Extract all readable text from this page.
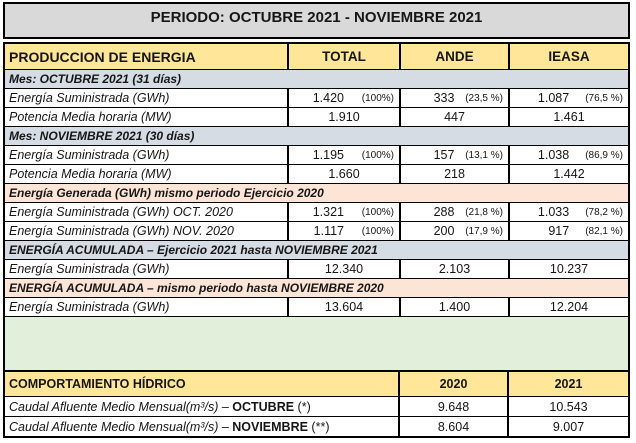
PERIODO: OCTUBRE 2021 - NOVIEMBRE 2021
PRODUCCION DE ENERGIA	TOTAL	ANDE	IEASA
Mes: OCTUBRE 2021 (31 días)
Energía Suministrada (GWh)	1.420	(100%)	333	(23,5 %)	1.087	(76,5 %)
Potencia Media horaria (MW)	1.910	447	1.461
Mes: NOVIEMBRE 2021 (30 días)
Energía Suministrada (GWh)	1.195	(100%)	157	(13,1 %)	1.038	(86,9 %)
Potencia Media horaria (MW)	1.660	218	1.442
Energía Generada (GWh) mismo periodo Ejercicio 2020
Energía Suministrada (GWh) OCT. 2020	1.321	(100%)	288	(21,8 %)	1.033	(78,2 %)
Energía Suministrada (GWh) NOV. 2020	1.117	(100%)	200	(17,9 %)	917	(82,1 %)
ENERGÍA ACUMULADA – Ejercicio 2021 hasta NOVIEMBRE 2021
Energía Suministrada (GWh)	12.340	2.103	10.237
ENERGÍA ACUMULADA – mismo periodo hasta NOVIEMBRE 2020
Energía Suministrada (GWh)	13.604	1.400	12.204
COMPORTAMIENTO HÍDRICO	2020	2021
Caudal Afluente Medio Mensual(m³/s) – OCTUBRE (*)	9.648	10.543
Caudal Afluente Medio Mensual(m³/s) – NOVIEMBRE (**)	8.604	9.007
